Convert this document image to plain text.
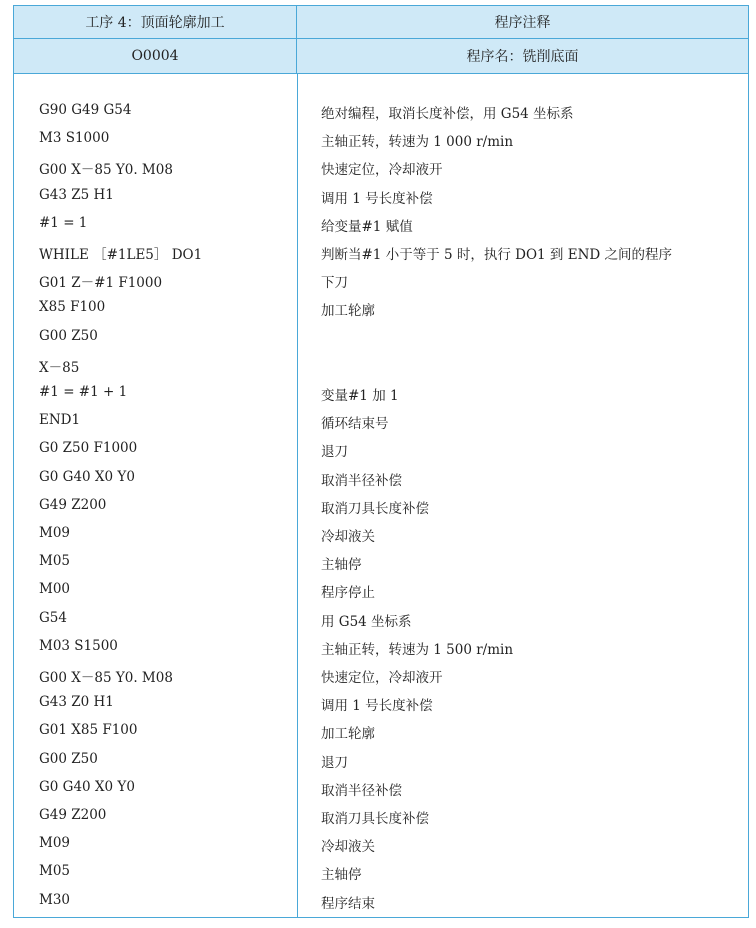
工序 4：顶面轮廓加工	程序注释
O0004	程序名：铣削底面
G90 G49 G54	绝对编程，取消长度补偿，用 G54 坐标系
M3 S1000	主轴正转，转速为 1 000 r/min
G00 X－85 Y0. M08	快速定位，冷却液开
G43 Z5 H1	调用 1 号长度补偿
#1 = 1	给变量#1 赋值
WHILE ［#1LE5］ DO1	判断当#1 小于等于 5 时，执行 DO1 到 END 之间的程序
G01 Z－#1 F1000	下刀
X85 F100	加工轮廓
G00 Z50
X－85
#1 = #1 + 1	变量#1 加 1
END1	循环结束号
G0 Z50 F1000	退刀
G0 G40 X0 Y0	取消半径补偿
G49 Z200	取消刀具长度补偿
M09	冷却液关
M05	主轴停
M00	程序停止
G54	用 G54 坐标系
M03 S1500	主轴正转，转速为 1 500 r/min
G00 X－85 Y0. M08	快速定位，冷却液开
G43 Z0 H1	调用 1 号长度补偿
G01 X85 F100	加工轮廓
G00 Z50	退刀
G0 G40 X0 Y0	取消半径补偿
G49 Z200	取消刀具长度补偿
M09	冷却液关
M05	主轴停
M30	程序结束
